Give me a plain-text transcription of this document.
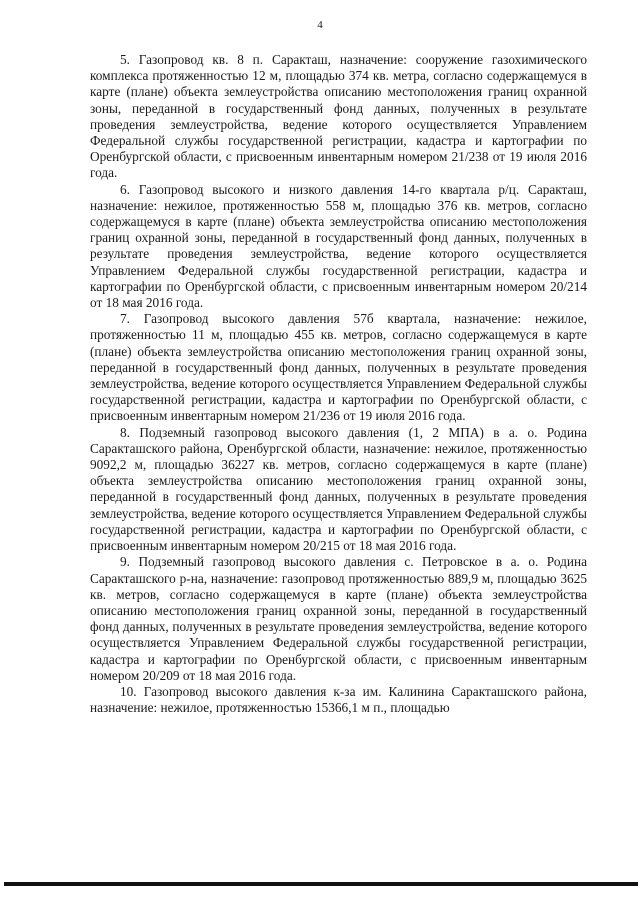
4

5. Газопровод кв. 8 п. Саракташ, назначение: сооружение газохимического комплекса протяженностью 12 м, площадью 374 кв. метра, согласно содержащемуся в карте (плане) объекта землеустройства описанию местоположения границ охранной зоны, переданной в государственный фонд данных, полученных в результате проведения землеустройства, ведение которого осуществляется Управлением Федеральной службы государственной регистрации, кадастра и картографии по Оренбургской области, с присвоенным инвентарным номером 21/238 от 19 июля 2016 года.

6. Газопровод высокого и низкого давления 14-го квартала р/ц. Саракташ, назначение: нежилое, протяженностью 558 м, площадью 376 кв. метров, согласно содержащемуся в карте (плане) объекта землеустройства описанию местоположения границ охранной зоны, переданной в государственный фонд данных, полученных в результате проведения землеустройства, ведение которого осуществляется Управлением Федеральной службы государственной регистрации, кадастра и картографии по Оренбургской области, с присвоенным инвентарным номером 20/214 от 18 мая 2016 года.

7. Газопровод высокого давления 57б квартала, назначение: нежилое, протяженностью 11 м, площадью 455 кв. метров, согласно содержащемуся в карте (плане) объекта землеустройства описанию местоположения границ охранной зоны, переданной в государственный фонд данных, полученных в результате проведения землеустройства, ведение которого осуществляется Управлением Федеральной службы государственной регистрации, кадастра и картографии по Оренбургской области, с присвоенным инвентарным номером 21/236 от 19 июля 2016 года.

8. Подземный газопровод высокого давления (1, 2 МПА) в а. о. Родина Саракташского района, Оренбургской области, назначение: нежилое, протяженностью 9092,2 м, площадью 36227 кв. метров, согласно содержащемуся в карте (плане) объекта землеустройства описанию местоположения границ охранной зоны, переданной в государственный фонд данных, полученных в результате проведения землеустройства, ведение которого осуществляется Управлением Федеральной службы государственной регистрации, кадастра и картографии по Оренбургской области, с присвоенным инвентарным номером 20/215 от 18 мая 2016 года.

9. Подземный газопровод высокого давления с. Петровское в а. о. Родина Саракташского р-на, назначение: газопровод протяженностью 889,9 м, площадью 3625 кв. метров, согласно содержащемуся в карте (плане) объекта землеустройства описанию местоположения границ охранной зоны, переданной в государственный фонд данных, полученных в результате проведения землеустройства, ведение которого осуществляется Управлением Федеральной службы государственной регистрации, кадастра и картографии по Оренбургской области, с присвоенным инвентарным номером 20/209 от 18 мая 2016 года.

10. Газопровод высокого давления к-за им. Калинина Саракташского района, назначение: нежилое, протяженностью 15366,1 м п., площадью
